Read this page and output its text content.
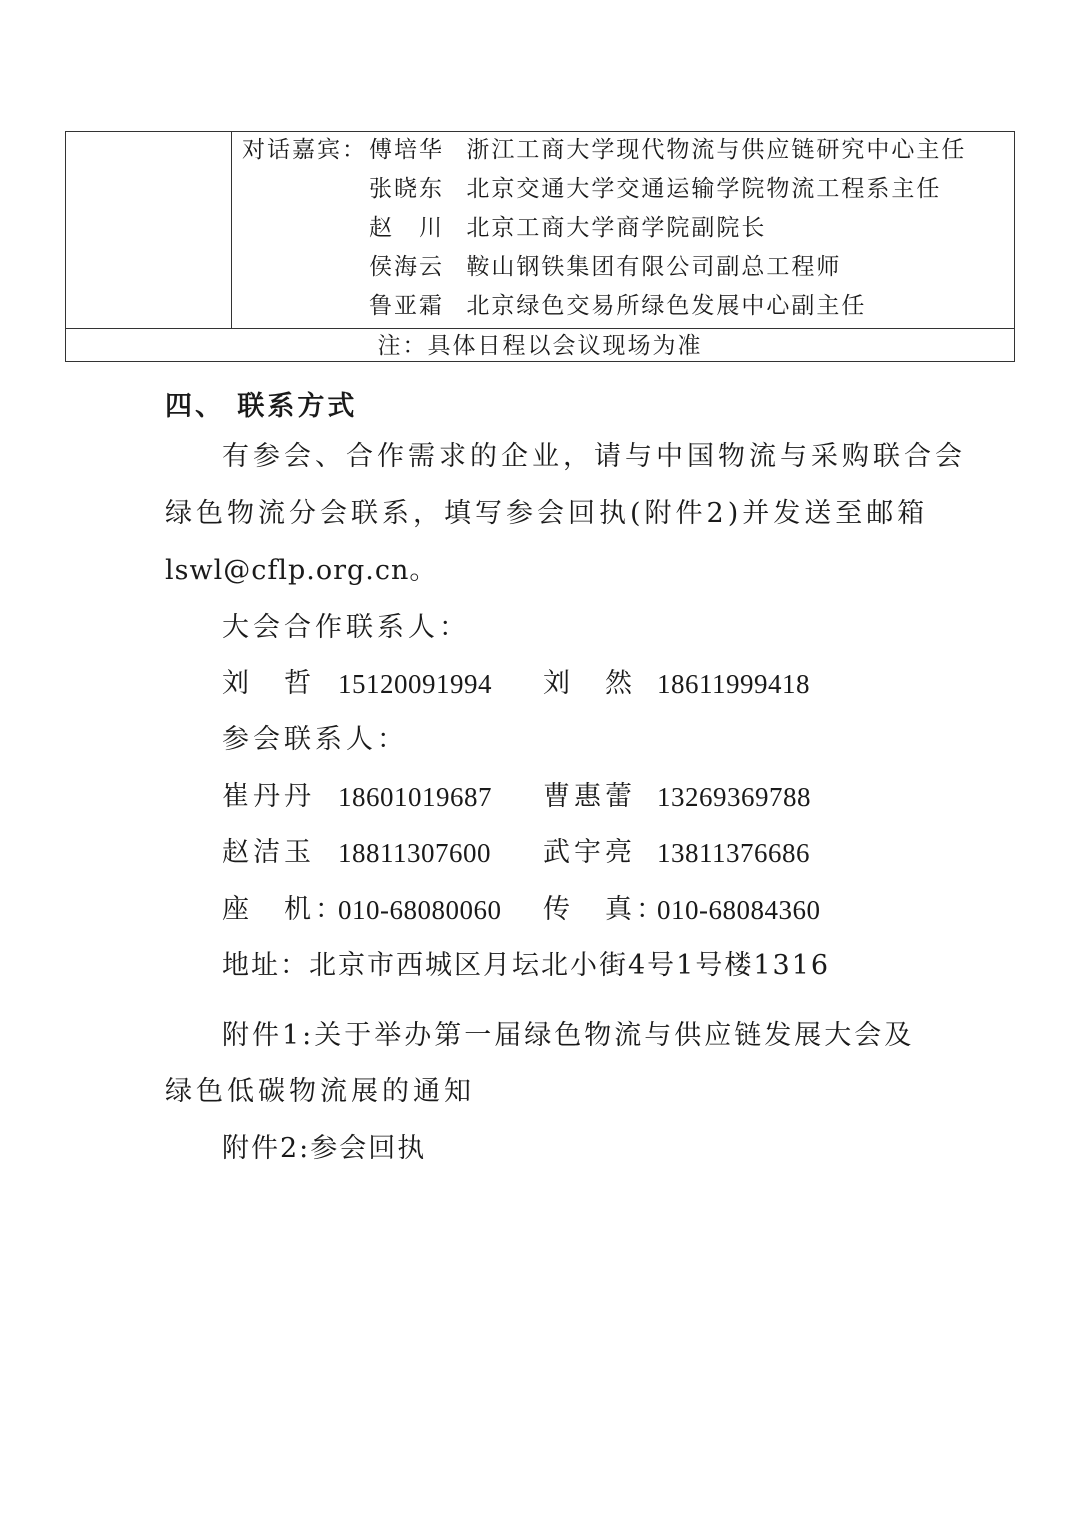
对话嘉宾： 傅培华 浙江工商大学现代物流与供应链研究中心主任
张晓东 北京交通大学交通运输学院物流工程系主任
赵　川 北京工商大学商学院副院长
侯海云 鞍山钢铁集团有限公司副总工程师
鲁亚霜 北京绿色交易所绿色发展中心副主任
注：具体日程以会议现场为准
四、 联系方式
有参会、合作需求的企业，请与中国物流与采购联合会
绿色物流分会联系，填写参会回执(附件2)并发送至邮箱
lswl@cflp.org.cn。
大会合作联系人：
刘　哲 15120091994 刘　然 18611999418
参会联系人：
崔丹丹 18601019687 曹惠蕾 13269369788
赵洁玉 18811307600 武宇亮 13811376686
座　机：
010-68080060 传　真：
010-68084360
地址：北京市西城区月坛北小街4号1号楼1316
附件1:关于举办第一届绿色物流与供应链发展大会及
绿色低碳物流展的通知
附件2:参会回执
